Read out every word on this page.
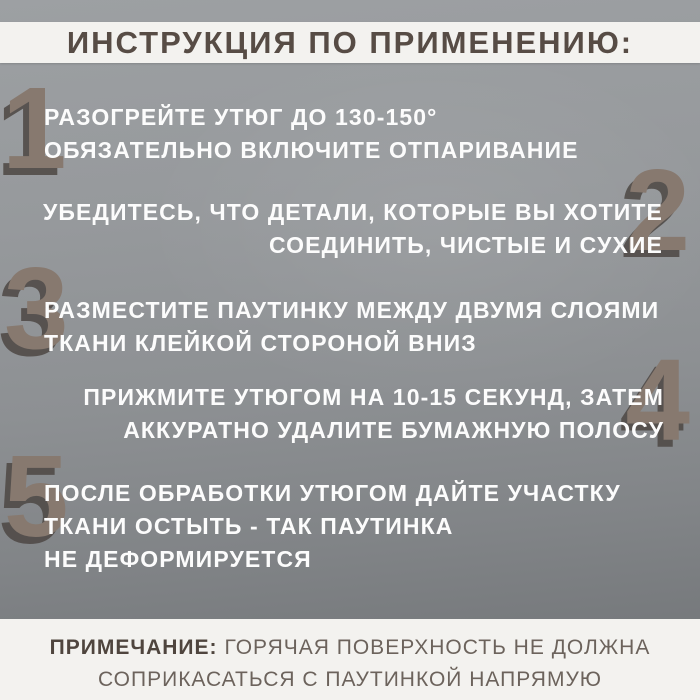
ИНСТРУКЦИЯ ПО ПРИМЕНЕНИЮ:
1
РАЗОГРЕЙТЕ УТЮГ ДО 130-150°
ОБЯЗАТЕЛЬНО ВКЛЮЧИТЕ ОТПАРИВАНИЕ 2
УБЕДИТЕСЬ, ЧТО ДЕТАЛИ, КОТОРЫЕ ВЫ ХОТИТЕ
СОЕДИНИТЬ, ЧИСТЫЕ И СУХИЕ
3
РАЗМЕСТИТЕ ПАУТИНКУ МЕЖДУ ДВУМЯ СЛОЯМИ
ТКАНИ КЛЕЙКОЙ СТОРОНОЙ ВНИЗ	4
ПРИЖМИТЕ УТЮГОМ НА 10-15 СЕКУНД, ЗАТЕМ
АККУРАТНО УДАЛИТЕ БУМАЖНУЮ ПОЛОСУ
5
ПОСЛЕ ОБРАБОТКИ УТЮГОМ ДАЙТЕ УЧАСТКУ
ТКАНИ ОСТЫТЬ - ТАК ПАУТИНКА
НЕ ДЕФОРМИРУЕТСЯ
ПРИМЕЧАНИЕ: ГОРЯЧАЯ ПОВЕРХНОСТЬ НЕ ДОЛЖНА
СОПРИКАСАТЬСЯ С ПАУТИНКОЙ НАПРЯМУЮ
